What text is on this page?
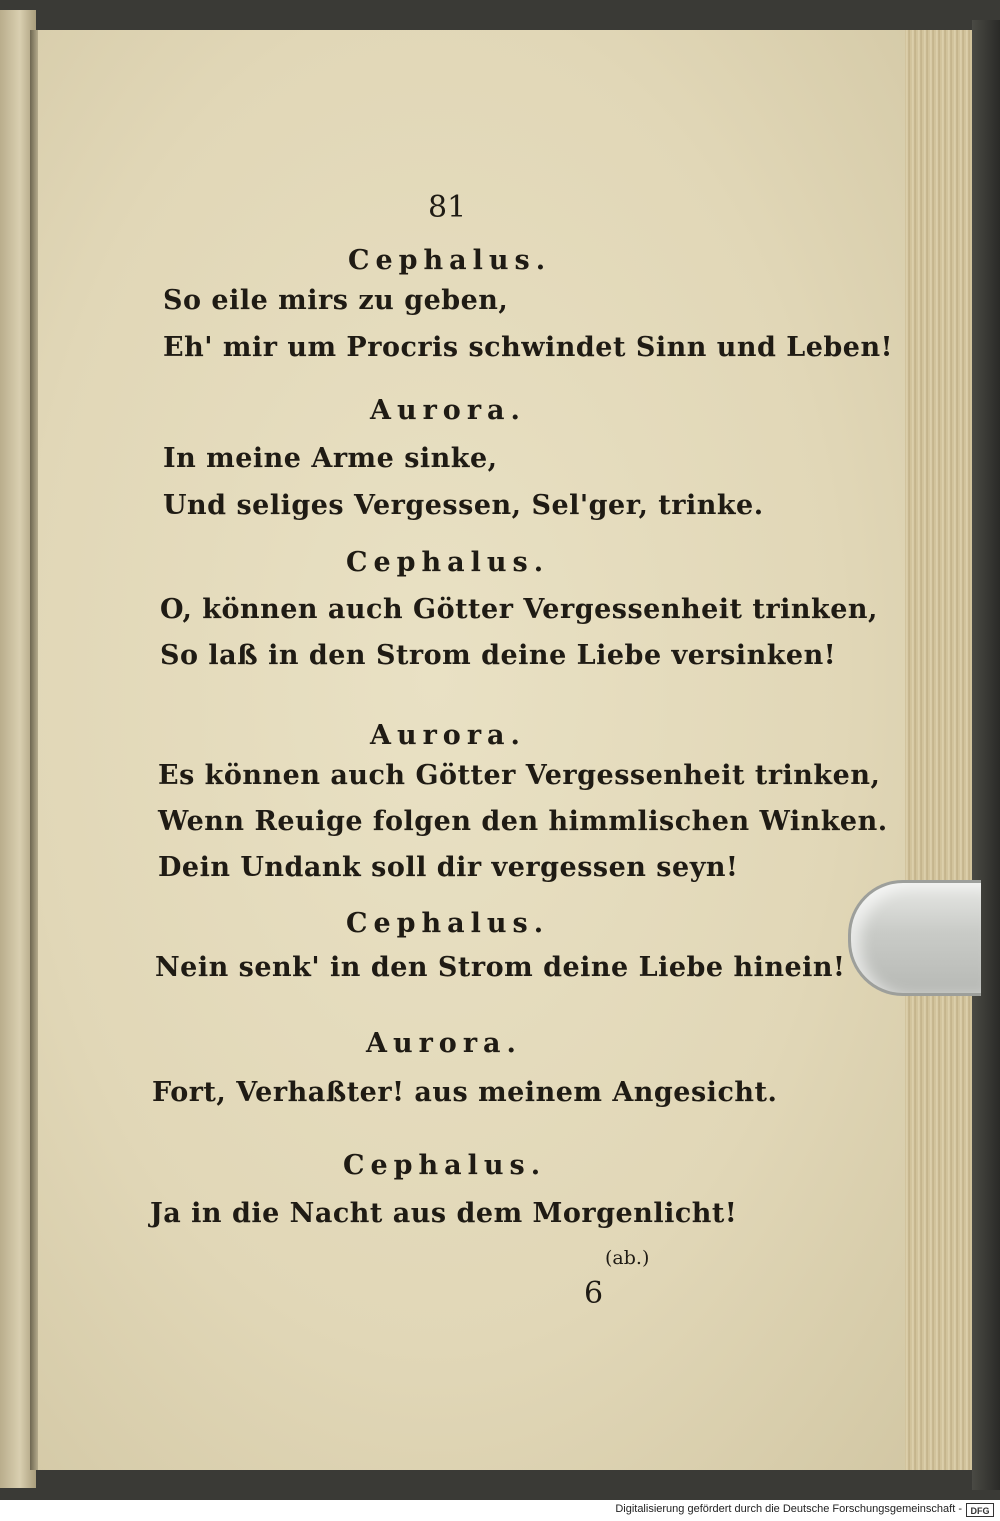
81
Cephalus.
So eile mirs zu geben,
Eh' mir um Procris schwindet Sinn und Leben!
Aurora.
In meine Arme sinke,
Und seliges Vergessen, Sel'ger, trinke.
Cephalus.
O, können auch Götter Vergessenheit trinken,
So laß in den Strom deine Liebe versinken!
Aurora.
Es können auch Götter Vergessenheit trinken,
Wenn Reuige folgen den himmlischen Winken.
Dein Undank soll dir vergessen seyn!
Cephalus.
Nein senk' in den Strom deine Liebe hinein!
Aurora.
Fort, Verhaßter! aus meinem Angesicht.
Cephalus.
Ja in die Nacht aus dem Morgenlicht!
(ab.)
6
Digitalisierung gefördert durch die Deutsche Forschungsgemeinschaft - DFG
